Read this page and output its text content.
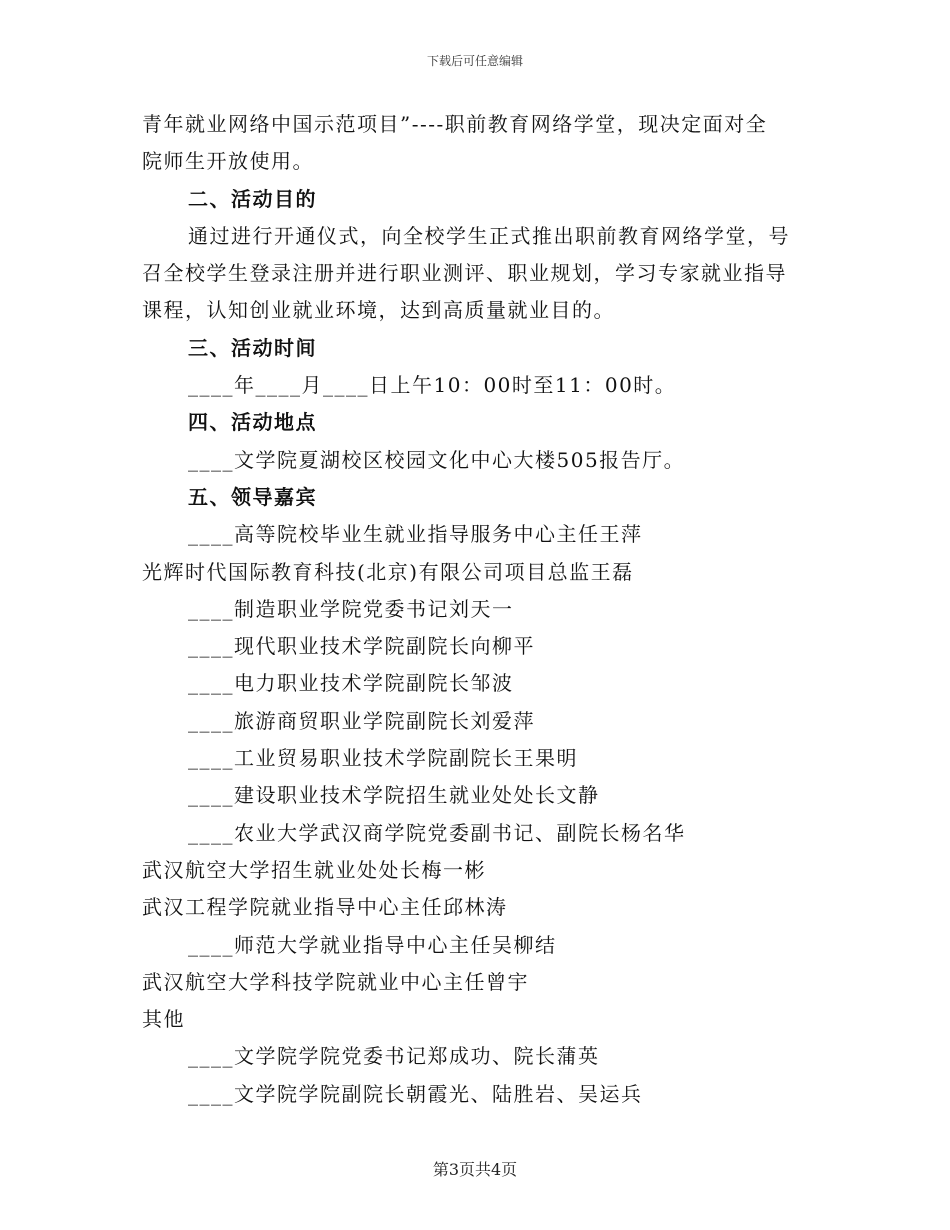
下载后可任意编辑
青年就业网络中国示范项目”----职前教育网络学堂，现决定面对全
院师生开放使用。
二、活动目的
通过进行开通仪式，向全校学生正式推出职前教育网络学堂，号
召全校学生登录注册并进行职业测评、职业规划，学习专家就业指导
课程，认知创业就业环境，达到高质量就业目的。
三、活动时间
____年____月____日上午10：00时至11：00时。
四、活动地点
____文学院夏湖校区校园文化中心大楼505报告厅。
五、领导嘉宾
____高等院校毕业生就业指导服务中心主任王萍
光辉时代国际教育科技(北京)有限公司项目总监王磊
____制造职业学院党委书记刘天一
____现代职业技术学院副院长向柳平
____电力职业技术学院副院长邹波
____旅游商贸职业学院副院长刘爱萍
____工业贸易职业技术学院副院长王果明
____建设职业技术学院招生就业处处长文静
____农业大学武汉商学院党委副书记、副院长杨名华
武汉航空大学招生就业处处长梅一彬
武汉工程学院就业指导中心主任邱林涛
____师范大学就业指导中心主任吴柳结
武汉航空大学科技学院就业中心主任曾宇
其他
____文学院学院党委书记郑成功、院长蒲英
____文学院学院副院长朝霞光、陆胜岩、吴运兵
第3页共4页
